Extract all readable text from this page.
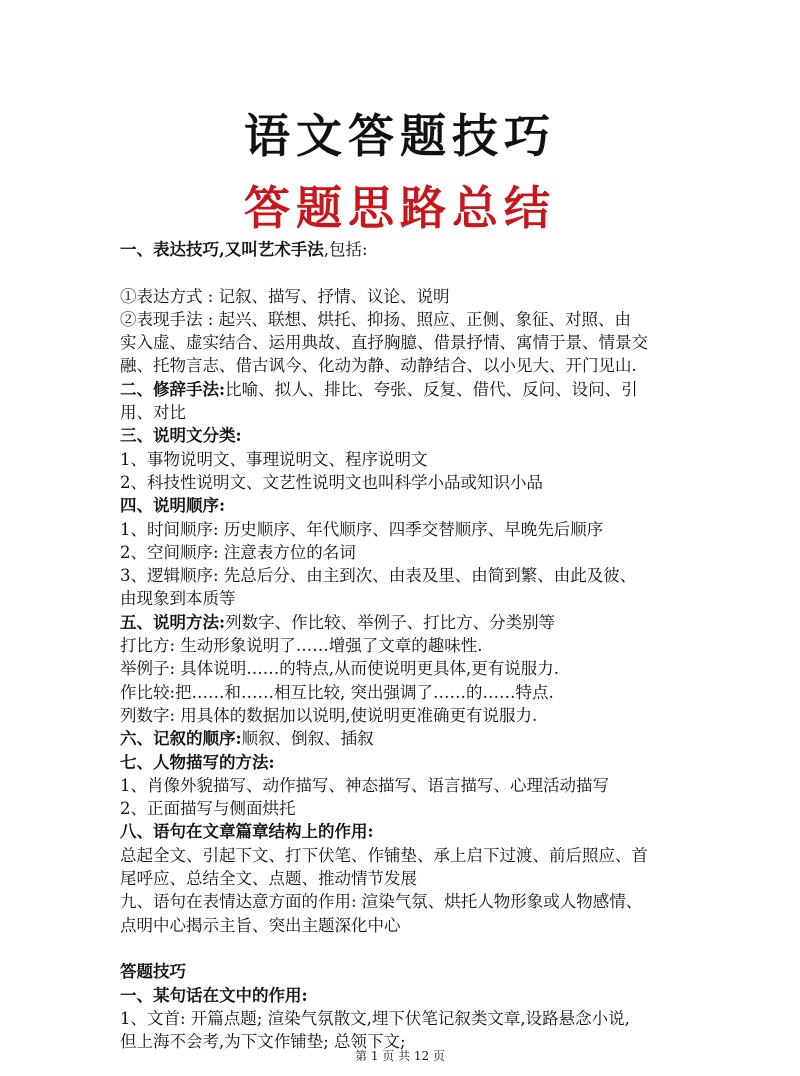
语文答题技巧
答题思路总结
一、表达技巧,又叫艺术手法,包括:
①表达方式 : 记叙、描写、抒情、议论、说明
②表现手法 : 起兴、联想、烘托、抑扬、照应、正侧、象征、对照、由
实入虚、虚实结合、运用典故、直抒胸臆、借景抒情、寓情于景、情景交
融、托物言志、借古讽今、化动为静、动静结合、以小见大、开门见山.
二、修辞手法:比喻、拟人、排比、夸张、反复、借代、反问、设问、引
用、对比
三、说明文分类:
1、事物说明文、事理说明文、程序说明文
2、科技性说明文、文艺性说明文也叫科学小品或知识小品
四、说明顺序:
1、时间顺序: 历史顺序、年代顺序、四季交替顺序、早晚先后顺序
2、空间顺序: 注意表方位的名词
3、逻辑顺序: 先总后分、由主到次、由表及里、由简到繁、由此及彼、
由现象到本质等
五、说明方法:列数字、作比较、举例子、打比方、分类别等
打比方: 生动形象说明了……增强了文章的趣味性.
举例子: 具体说明……的特点,从而使说明更具体,更有说服力.
作比较:把……和……相互比较, 突出强调了……的……特点.
列数字: 用具体的数据加以说明,使说明更准确更有说服力.
六、记叙的顺序:顺叙、倒叙、插叙
七、人物描写的方法:
1、肖像外貌描写、动作描写、神态描写、语言描写、心理活动描写
2、正面描写与侧面烘托
八、语句在文章篇章结构上的作用:
总起全文、引起下文、打下伏笔、作铺垫、承上启下过渡、前后照应、首
尾呼应、总结全文、点题、推动情节发展
九、语句在表情达意方面的作用: 渲染气氛、烘托人物形象或人物感情、
点明中心揭示主旨、突出主题深化中心
答题技巧
一、某句话在文中的作用:
1、文首: 开篇点题; 渲染气氛散文,埋下伏笔记叙类文章,设路悬念小说,
但上海不会考,为下文作铺垫; 总领下文;
第 1 页 共 12 页
